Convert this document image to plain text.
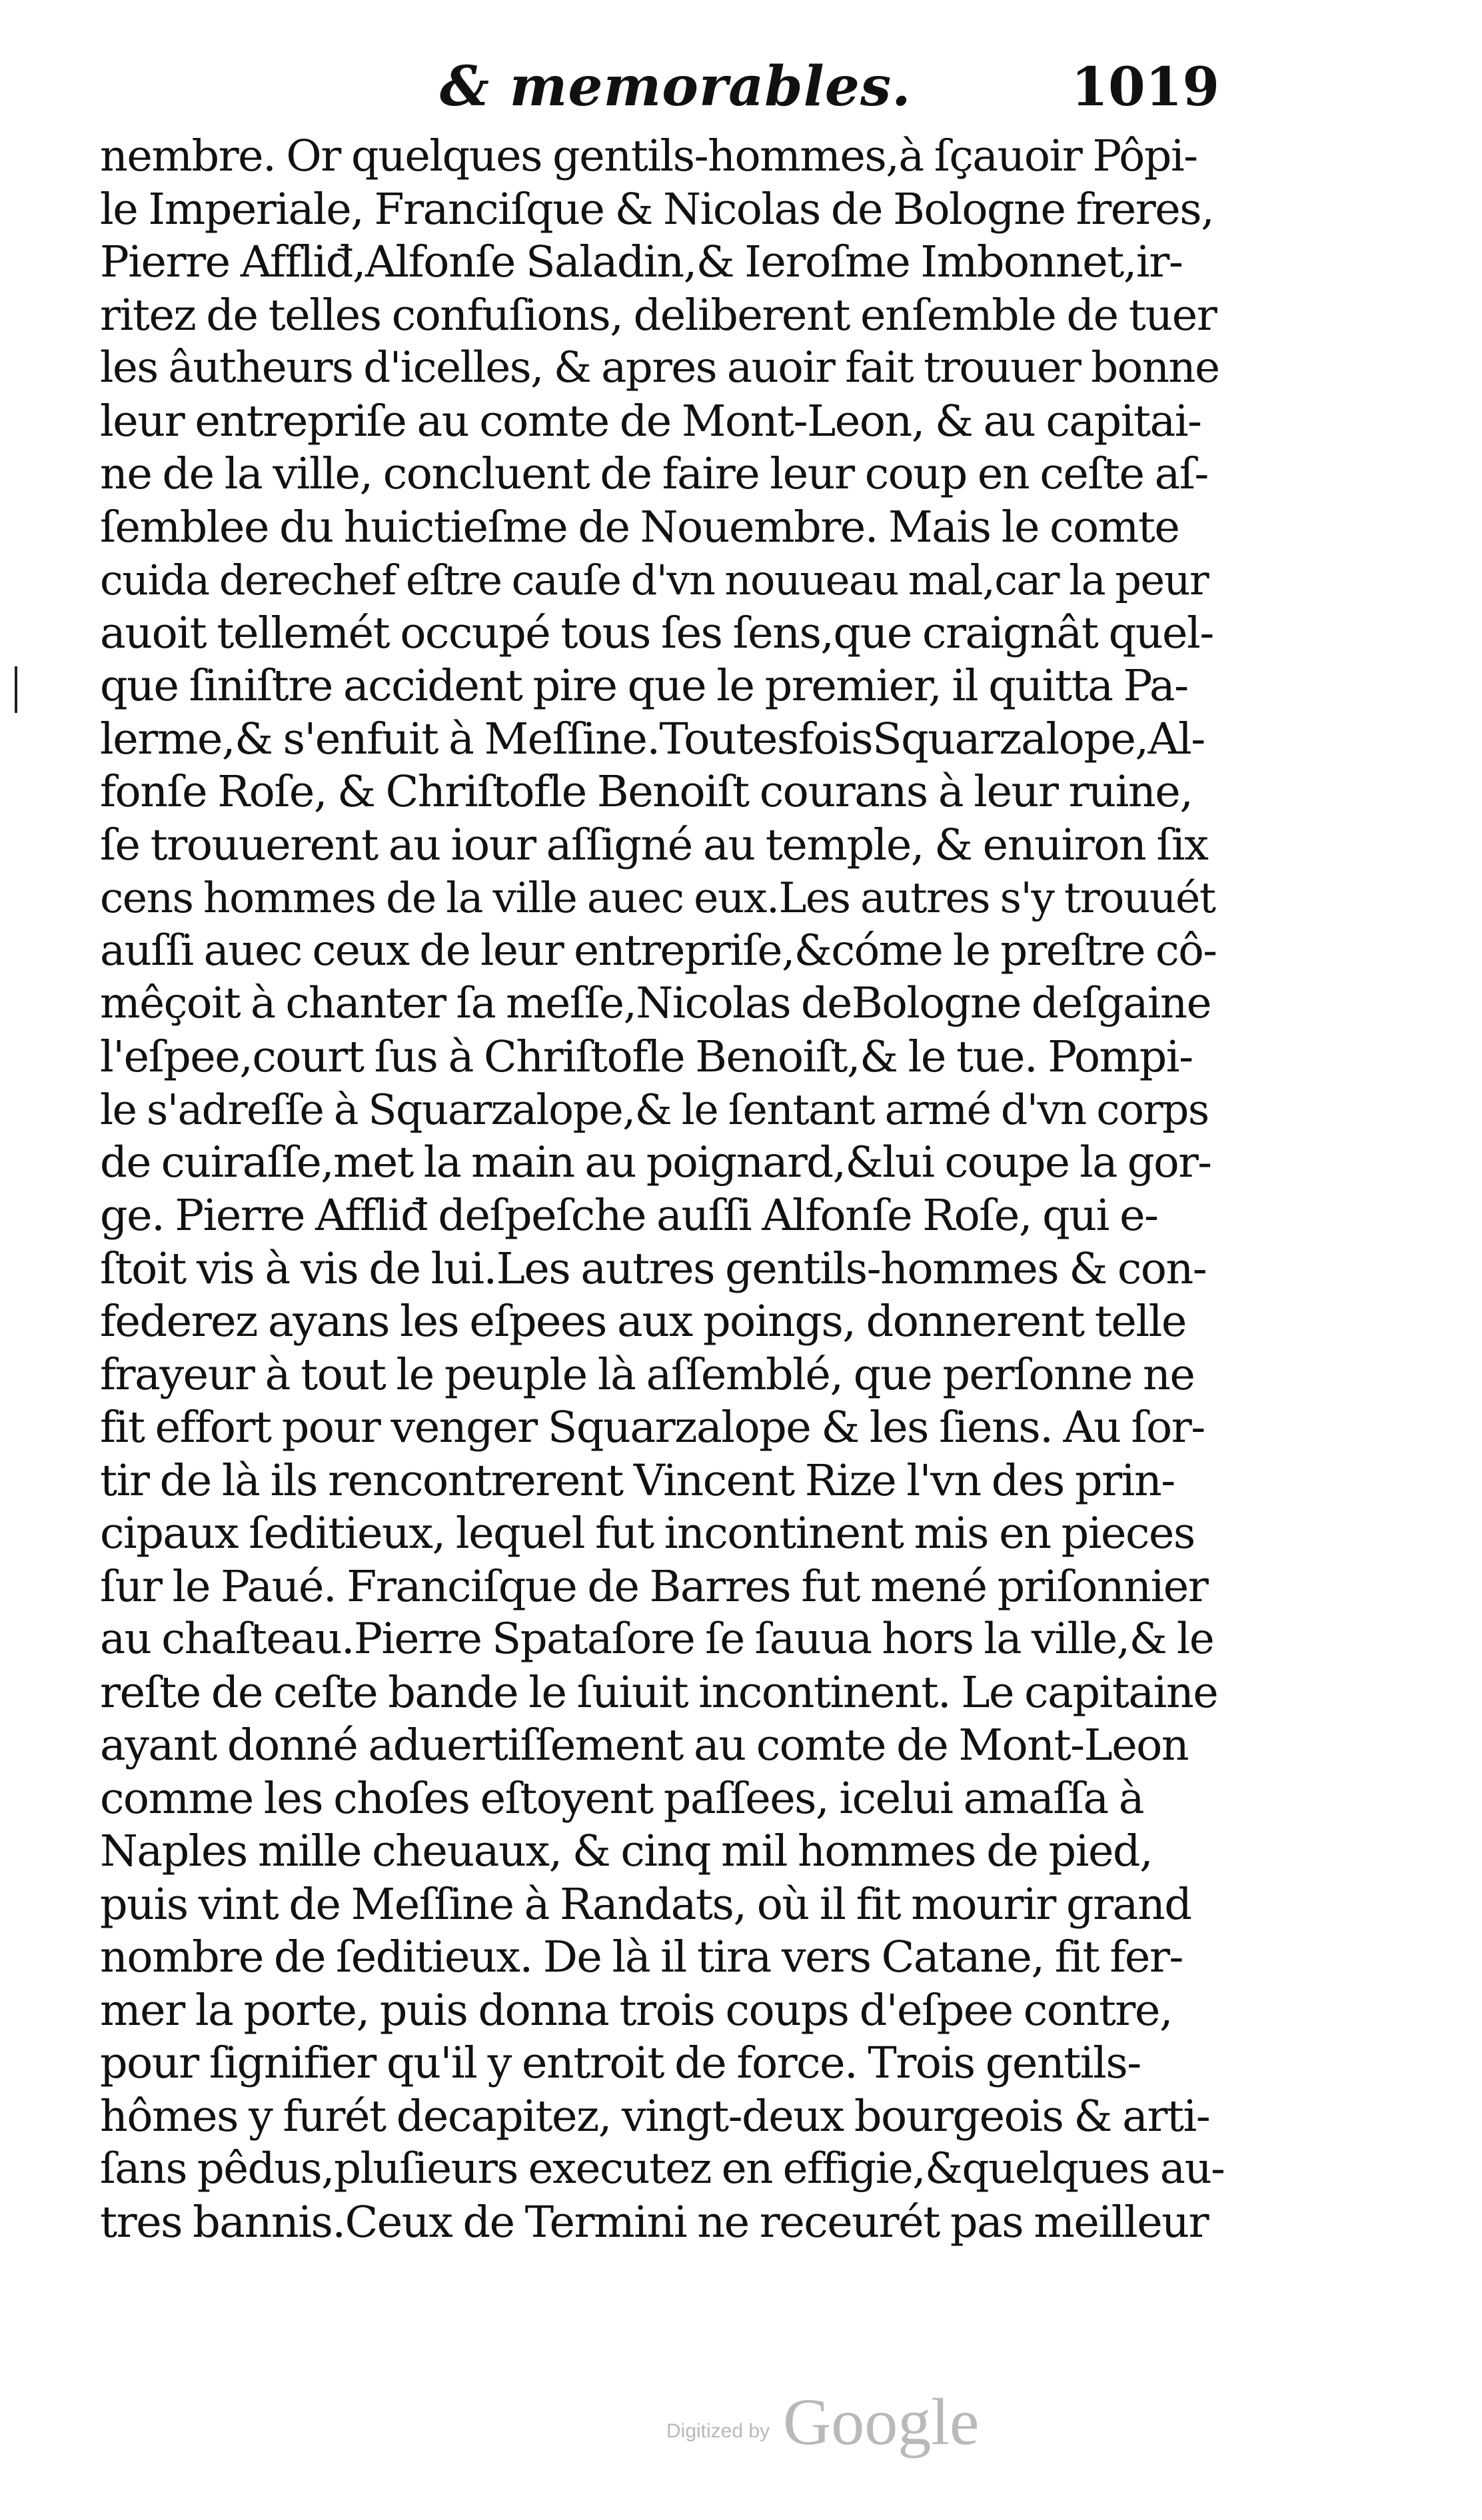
& memorables.	1019
nembre. Or quelques gentils-hommes,à ſçauoir Pôpi-
le Imperiale, Franciſque & Nicolas de Bologne freres,
Pierre Affliđ,Alfonſe Saladin,& Ieroſme Imbonnet,ir-
ritez de telles confuſions, deliberent enſemble de tuer
les âutheurs d'icelles, & apres auoir fait trouuer bonne
leur entrepriſe au comte de Mont-Leon, & au capitai-
ne de la ville, concluent de faire leur coup en ceſte aſ-
ſemblee du huictieſme de Nouembre. Mais le comte
cuida derechef eſtre cauſe d'vn nouueau mal,car la peur
auoit tellemét occupé tous ſes ſens,que craignât quel-
que ſiniſtre accident pire que le premier, il quitta Pa-
lerme,& s'enfuit à Meſſine.ToutesfoisSquarzalope,Al-
fonſe Roſe, & Chriſtofle Benoiſt courans à leur ruine,
ſe trouuerent au iour aſſigné au temple, & enuiron ſix
cens hommes de la ville auec eux.Les autres s'y trouuét
auſſi auec ceux de leur entrepriſe,&cóme le preſtre cô-
mêçoit à chanter ſa meſſe,Nicolas deBologne deſgaine
l'eſpee,court ſus à Chriſtofle Benoiſt,& le tue. Pompi-
le s'adreſſe à Squarzalope,& le ſentant armé d'vn corps
de cuiraſſe,met la main au poignard,&lui coupe la gor-
ge. Pierre Affliđ deſpeſche auſſi Alfonſe Roſe, qui e-
ſtoit vis à vis de lui.Les autres gentils-hommes & con-
federez ayans les eſpees aux poings, donnerent telle
frayeur à tout le peuple là aſſemblé, que perſonne ne
fit effort pour venger Squarzalope & les ſiens. Au ſor-
tir de là ils rencontrerent Vincent Rize l'vn des prin-
cipaux ſeditieux, lequel fut incontinent mis en pieces
ſur le Paué. Franciſque de Barres fut mené priſonnier
au chaſteau.Pierre Spataſore ſe ſauua hors la ville,& le
reſte de ceſte bande le ſuiuit incontinent. Le capitaine
ayant donné aduertiſſement au comte de Mont-Leon
comme les choſes eſtoyent paſſees, icelui amaſſa à
Naples mille cheuaux, & cinq mil hommes de pied,
puis vint de Meſſine à Randats, où il fit mourir grand
nombre de ſeditieux. De là il tira vers Catane, fit fer-
mer la porte, puis donna trois coups d'eſpee contre,
pour ſignifier qu'il y entroit de force. Trois gentils-
hômes y furét decapitez, vingt-deux bourgeois & arti-
ſans pêdus,pluſieurs executez en effigie,&quelques au-
tres bannis.Ceux de Termini ne receurét pas meilleur
Digitized by Google
